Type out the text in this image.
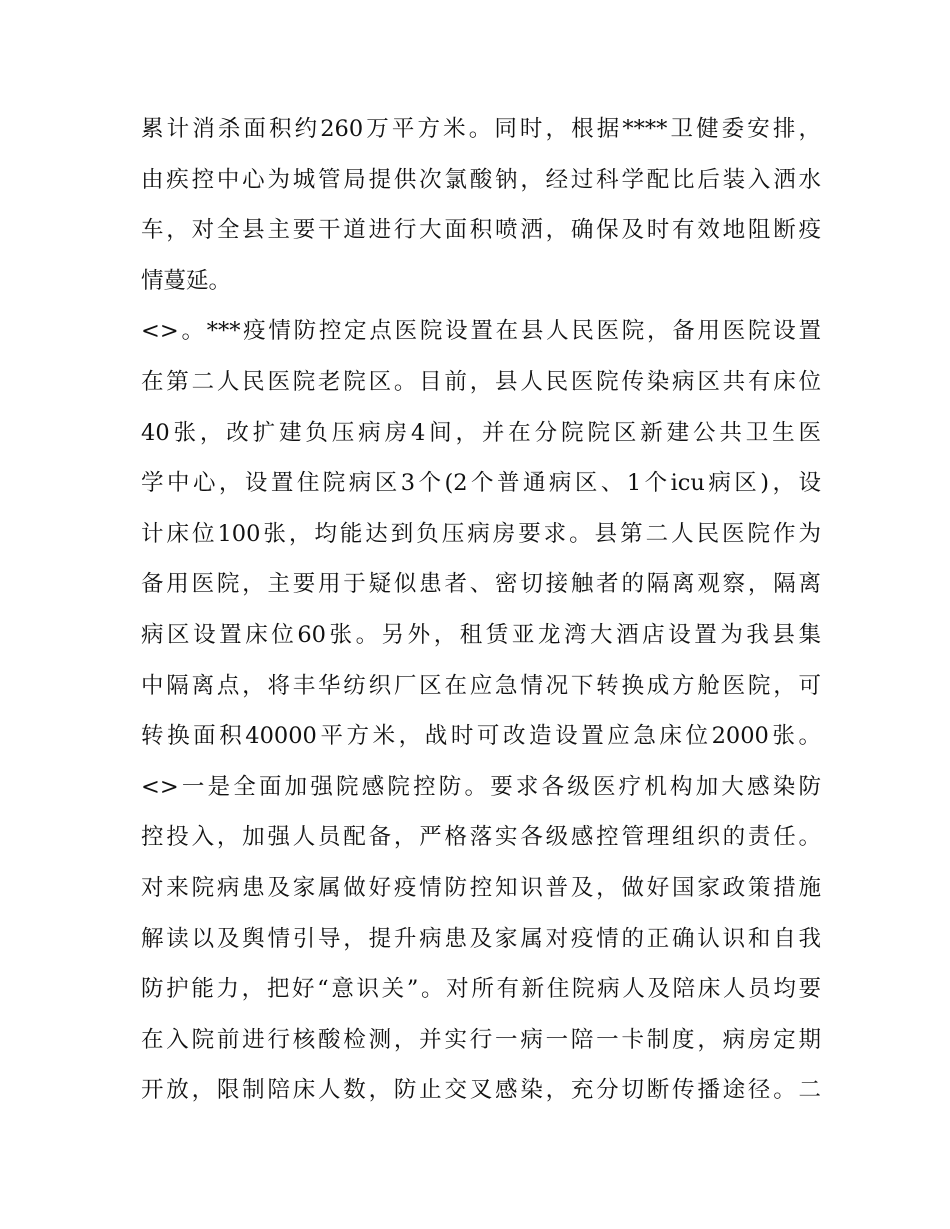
累计消杀面积约260万平方米。同时，根据****卫健委安排，
由疾控中心为城管局提供次氯酸钠，经过科学配比后装入洒水
车，对全县主要干道进行大面积喷洒，确保及时有效地阻断疫
情蔓延。
<>。***疫情防控定点医院设置在县人民医院，备用医院设置
在第二人民医院老院区。目前，县人民医院传染病区共有床位
40张，改扩建负压病房4间，并在分院院区新建公共卫生医
学中心，设置住院病区3个(2个普通病区、1个icu病区)，设
计床位100张，均能达到负压病房要求。县第二人民医院作为
备用医院，主要用于疑似患者、密切接触者的隔离观察，隔离
病区设置床位60张。另外，租赁亚龙湾大酒店设置为我县集
中隔离点，将丰华纺织厂区在应急情况下转换成方舱医院，可
转换面积40000平方米，战时可改造设置应急床位2000张。
<>一是全面加强院感院控防。要求各级医疗机构加大感染防
控投入，加强人员配备，严格落实各级感控管理组织的责任。
对来院病患及家属做好疫情防控知识普及，做好国家政策措施
解读以及舆情引导，提升病患及家属对疫情的正确认识和自我
防护能力，把好“意识关”。对所有新住院病人及陪床人员均要
在入院前进行核酸检测，并实行一病一陪一卡制度，病房定期
开放，限制陪床人数，防止交叉感染，充分切断传播途径。二
